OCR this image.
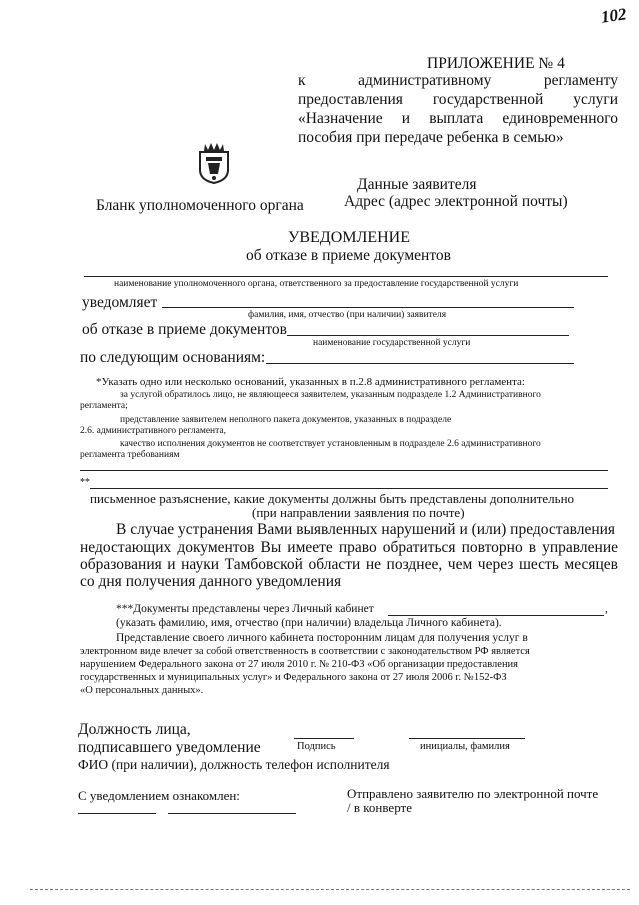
102
ПРИЛОЖЕНИЕ № 4
к административному регламенту
предоставления государственной услуги
«Назначение и выплата единовременного
пособия при передаче ребенка в семью»
Данные заявителя
Бланк уполномоченного органа	Адрес (адрес электронной почты)
УВЕДОМЛЕНИЕ
об отказе в приеме документов
наименование уполномоченного органа, ответственного за предоставление государственной услуги
уведомляет
фамилия, имя, отчество (при наличии) заявителя
об отказе в приеме документов
наименование государственной услуги
по следующим основаниям:
*Указать одно или несколько оснований, указанных в п.2.8 административного регламента:
за услугой обратилось лицо, не являющееся заявителем, указанным подразделе 1.2 Административного
регламента;
представление заявителем неполного пакета документов, указанных в подразделе
2.6. административного регламента,
качество исполнения документов не соответствует установленным в подразделе 2.6 административного
регламента требованиям
**
письменное разъяснение, какие документы должны быть представлены дополнительно
(при направлении заявления по почте)
В случае устранения Вами выявленных нарушений и (или) предоставления
недостающих документов Вы имеете право обратиться повторно в управление
образования и науки Тамбовской области не позднее, чем через шесть месяцев
со дня получения данного уведомления
***Документы представлены через Личный кабинет	,
(указать фамилию, имя, отчество (при наличии) владельца Личного кабинета).
Представление своего личного кабинета посторонним лицам для получения услуг в
электронном виде влечет за собой ответственность в соответствии с законодательством РФ является
нарушением Федерального закона от 27 июля 2010 г. № 210-ФЗ «Об организации предоставления
государственных и муниципальных услуг» и Федерального закона от 27 июля 2006 г. №152-ФЗ
«О персональных данных».
Должность лица,
подписавшего уведомление	Подпись	инициалы, фамилия
ФИО (при наличии), должность телефон исполнителя
С уведомлением ознакомлен:	Отправлено заявителю по электронной почте
/ в конверте
